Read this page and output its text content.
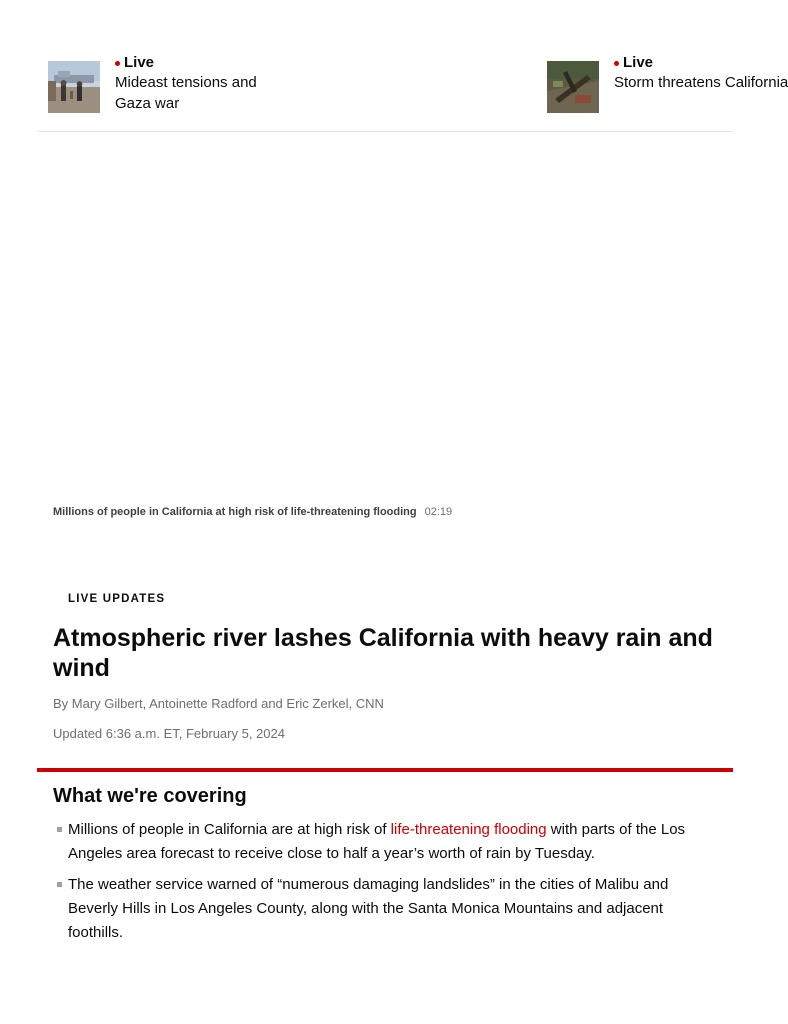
Live
Mideast tensions and Gaza war
Live
Storm threatens California
Millions of people in California at high risk of life-threatening flooding 02:19
LIVE UPDATES
Atmospheric river lashes California with heavy rain and wind
By Mary Gilbert, Antoinette Radford and Eric Zerkel, CNN
Updated 6:36 a.m. ET, February 5, 2024
What we're covering
Millions of people in California are at high risk of life-threatening flooding with parts of the Los Angeles area forecast to receive close to half a year’s worth of rain by Tuesday.
The weather service warned of “numerous damaging landslides” in the cities of Malibu and Beverly Hills in Los Angeles County, along with the Santa Monica Mountains and adjacent foothills.
